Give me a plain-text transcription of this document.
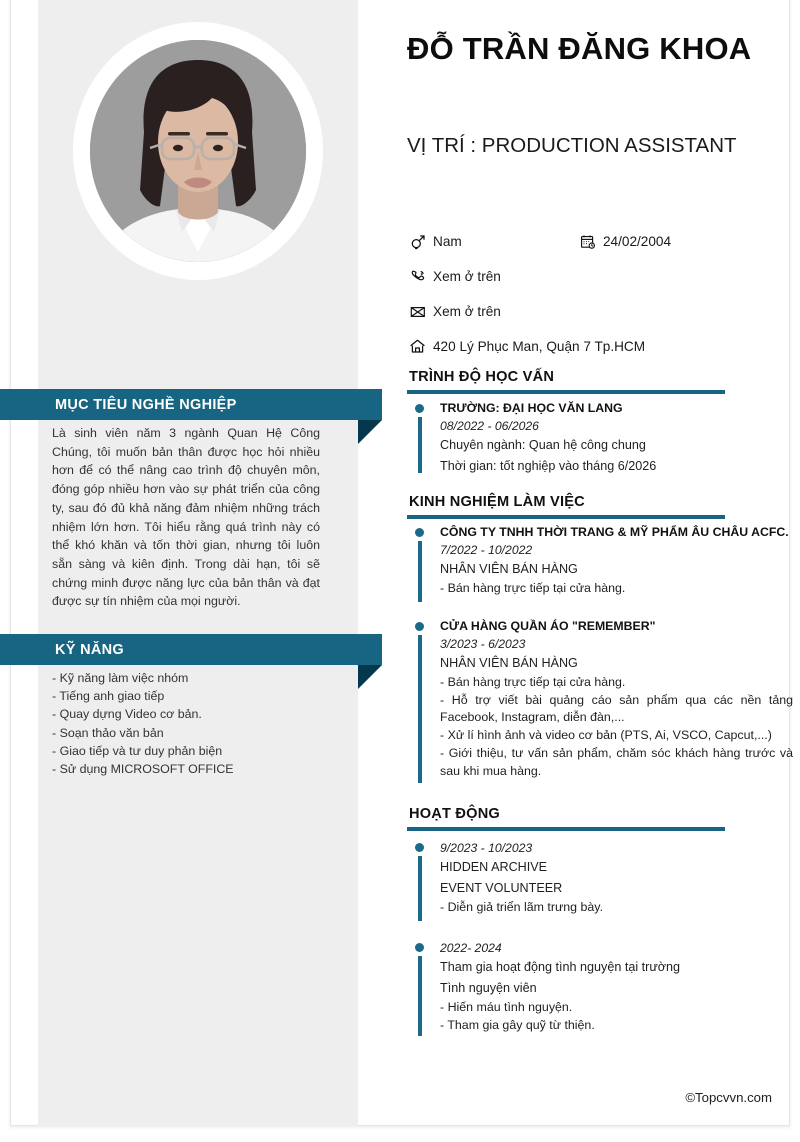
MỤC TIÊU NGHỀ NGHIỆP
Là sinh viên năm 3 ngành Quan Hệ Công Chúng, tôi muốn bản thân được học hỏi nhiều hơn để có thể nâng cao trình độ chuyên môn, đóng góp nhiều hơn vào sự phát triển của công ty, sau đó đủ khả năng đảm nhiệm những trách nhiệm lớn hơn. Tôi hiểu rằng quá trình này có thể khó khăn và tốn thời gian, nhưng tôi luôn sẵn sàng và kiên định. Trong dài hạn, tôi sẽ chứng minh được năng lực của bản thân và đạt được sự tín nhiệm của mọi người.
KỸ NĂNG
- Kỹ năng làm việc nhóm
- Tiếng anh giao tiếp
- Quay dựng Video cơ bản.
- Soạn thảo văn bản
- Giao tiếp và tư duy phản biện
- Sử dụng MICROSOFT OFFICE
ĐỖ TRẦN ĐĂNG KHOA
VỊ TRÍ : PRODUCTION ASSISTANT
Nam	24/02/2004
Xem ở trên
Xem ở trên
420 Lý Phục Man, Quận 7 Tp.HCM
TRÌNH ĐỘ HỌC VẤN
TRƯỜNG: ĐẠI HỌC VĂN LANG
08/2022 - 06/2026
Chuyên ngành: Quan hệ công chung
Thời gian: tốt nghiệp vào tháng 6/2026
KINH NGHIỆM LÀM VIỆC
CÔNG TY TNHH THỜI TRANG & MỸ PHẨM ÂU CHÂU ACFC.
7/2022 - 10/2022
NHÂN VIÊN BÁN HÀNG
- Bán hàng trực tiếp tại cửa hàng.
CỬA HÀNG QUẦN ÁO "REMEMBER"
3/2023 - 6/2023
NHÂN VIÊN BÁN HÀNG
- Bán hàng trực tiếp tại cửa hàng.
- Hỗ trợ viết bài quảng cáo sản phẩm qua các nền tảng Facebook, Instagram, diễn đàn,...
- Xử lí hình ảnh và video cơ bản (PTS, Ai, VSCO, Capcut,...)
- Giới thiệu, tư vấn sản phẩm, chăm sóc khách hàng trước và sau khi mua hàng.
HOẠT ĐỘNG
9/2023 - 10/2023
HIDDEN ARCHIVE
EVENT VOLUNTEER
- Diễn giả triển lãm trưng bày.
2022- 2024
Tham gia hoạt động tình nguyện tại trường
Tình nguyện viên
- Hiến máu tình nguyện.
- Tham gia gây quỹ từ thiện.
©Topcvvn.com
